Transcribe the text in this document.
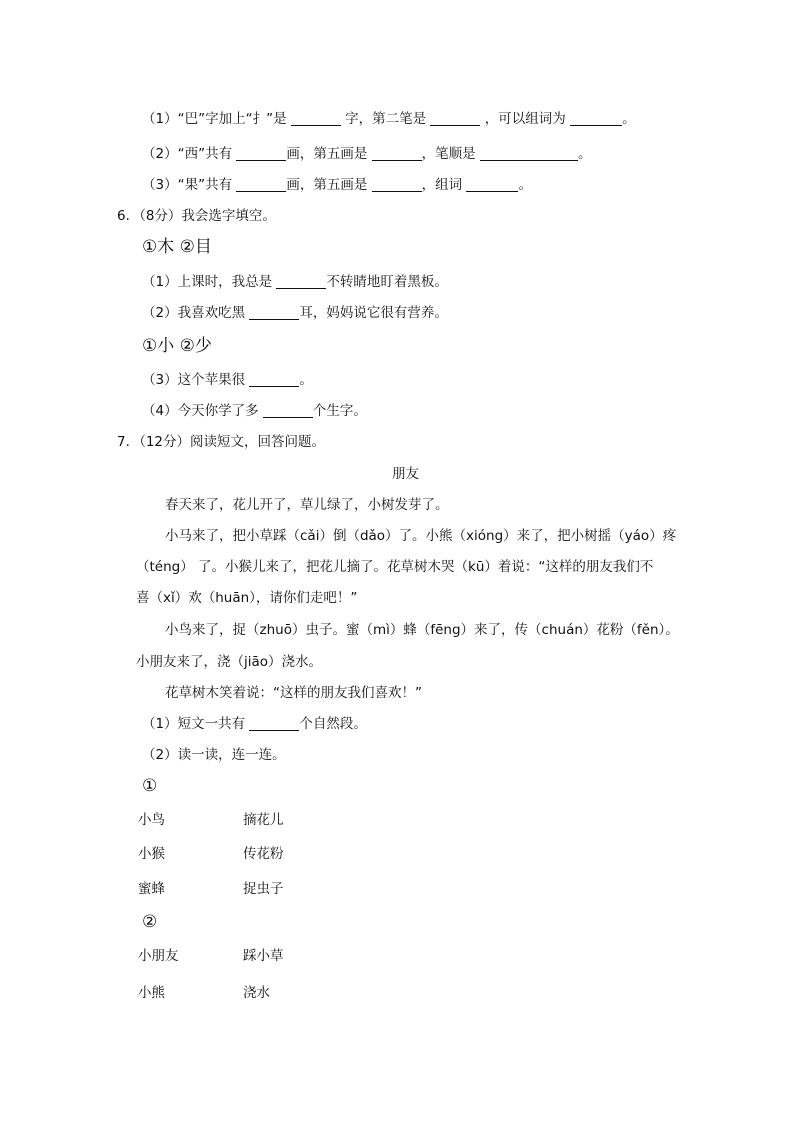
（1）“巴”字加上“扌”是	字，第二笔是	，可以组词为	。
（2）“西”共有	画，第五画是	，笔顺是	。
（3）“果”共有	画，第五画是	，组词	。
6．（8分）我会选字填空。
①木 ②目
（1）上课时，我总是	不转睛地盯着黑板。
（2）我喜欢吃黑	耳，妈妈说它很有营养。
①小 ②少
（3）这个苹果很	。
（4）今天你学了多	个生字。
7．（12分）阅读短文，回答问题。
朋友
春天来了，花儿开了，草儿绿了，小树发芽了。
小马来了，把小草踩（cǎi）倒（dǎo）了。小熊（xióng）来了，把小树摇（yáo）疼
（téng） 了。小猴儿来了，把花儿摘了。花草树木哭（kū）着说：“这样的朋友我们不
喜（xǐ）欢（huān），请你们走吧！”
小鸟来了，捉（zhuō）虫子。蜜（mì）蜂（fēng）来了，传（chuán）花粉（fěn）。
小朋友来了，浇（jiāo）浇水。
花草树木笑着说：“这样的朋友我们喜欢！”
（1）短文一共有	个自然段。
（2）读一读，连一连。
①
小鸟	摘花儿
小猴	传花粉
蜜蜂	捉虫子
②
小朋友	踩小草
小熊	浇水
